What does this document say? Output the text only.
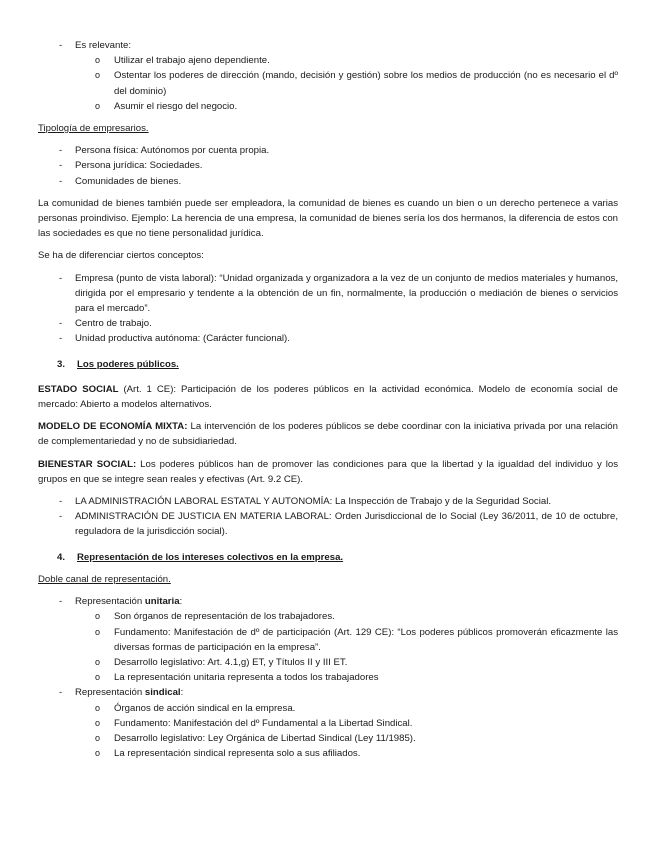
- Es relevante:
o Utilizar el trabajo ajeno dependiente.
o Ostentar los poderes de dirección (mando, decisión y gestión) sobre los medios de producción (no es necesario el dº del dominio)
o Asumir el riesgo del negocio.

Tipología de empresarios.

- Persona física: Autónomos por cuenta propia.
- Persona jurídica: Sociedades.
- Comunidades de bienes.

La comunidad de bienes también puede ser empleadora, la comunidad de bienes es cuando un bien o un derecho pertenece a varias personas proindiviso. Ejemplo: La herencia de una empresa, la comunidad de bienes sería los dos hermanos, la diferencia de estos con las sociedades es que no tiene personalidad jurídica.

Se ha de diferenciar ciertos conceptos:

- Empresa (punto de vista laboral): “Unidad organizada y organizadora a la vez de un conjunto de medios materiales y humanos, dirigida por el empresario y tendente a la obtención de un fin, normalmente, la producción o mediación de bienes o servicios para el mercado”.
- Centro de trabajo.
- Unidad productiva autónoma: (Carácter funcional).

3. Los poderes públicos.

ESTADO SOCIAL (Art. 1 CE): Participación de los poderes públicos en la actividad económica. Modelo de economía social de mercado: Abierto a modelos alternativos.

MODELO DE ECONOMÍA MIXTA: La intervención de los poderes públicos se debe coordinar con la iniciativa privada por una relación de complementariedad y no de subsidiariedad.

BIENESTAR SOCIAL: Los poderes públicos han de promover las condiciones para que la libertad y la igualdad del individuo y los grupos en que se integre sean reales y efectivas (Art. 9.2 CE).

- LA ADMINISTRACIÓN LABORAL ESTATAL Y AUTONOMÍA: La Inspección de Trabajo y de la Seguridad Social.
- ADMINISTRACIÓN DE JUSTICIA EN MATERIA LABORAL: Orden Jurisdiccional de lo Social (Ley 36/2011, de 10 de octubre, reguladora de la jurisdicción social).

4. Representación de los intereses colectivos en la empresa.

Doble canal de representación.

- Representación unitaria:
o Son órganos de representación de los trabajadores.
o Fundamento: Manifestación de dº de participación (Art. 129 CE): “Los poderes públicos promoverán eficazmente las diversas formas de participación en la empresa”.
o Desarrollo legislativo: Art. 4.1,g) ET, y Títulos II y III ET.
o La representación unitaria representa a todos los trabajadores
- Representación sindical:
o Órganos de acción sindical en la empresa.
o Fundamento: Manifestación del dº Fundamental a la Libertad Sindical.
o Desarrollo legislativo: Ley Orgánica de Libertad Sindical (Ley 11/1985).
o La representación sindical representa solo a sus afiliados.
